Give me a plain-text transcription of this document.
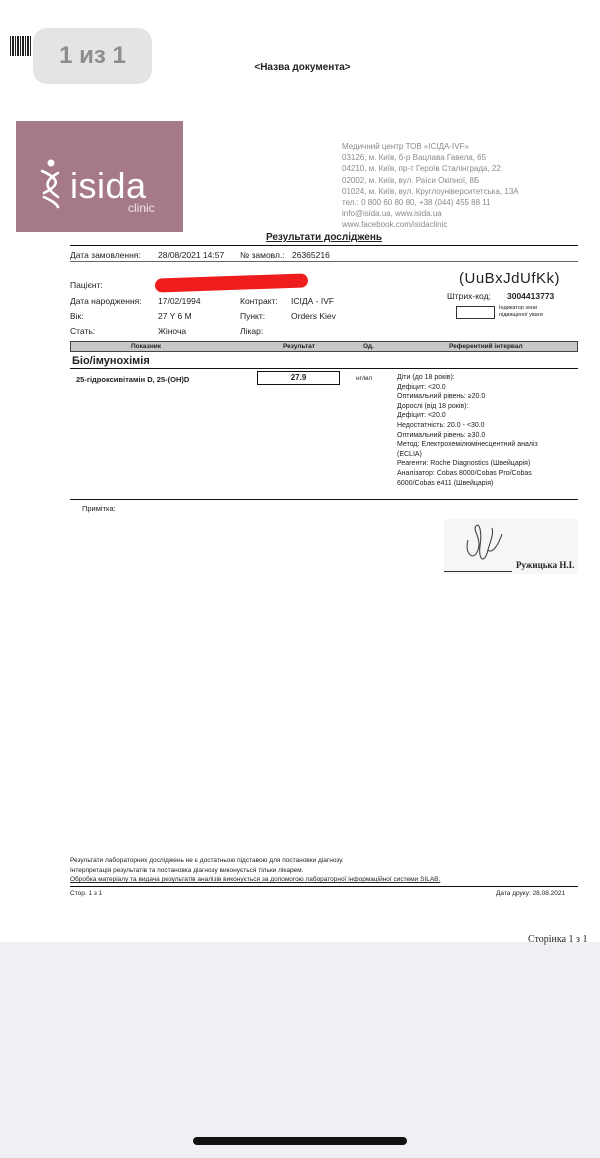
1 из 1	<Назва документа>
isida
clinic
Медичний центр ТОВ «ІСІДА-IVF»
03126, м. Київ, б-р Вацлава Гавела, 65
04210, м. Київ, пр-т Героїв Сталінграда, 22
02002, м. Київ, вул. Раїси Окіпної, 8Б
01024, м. Київ, вул. Круглоуніверситетська, 13А
тел.: 0 800 60 80 80, +38 (044) 455 88 11
info@isida.ua, www.isida.ua
www.facebook.com/isidaclinic
Результати досліджень
Дата замовлення: 28/08/2021 14:57 № замовл.: 26365216
Пацієнт:
Дата народження: 17/02/1994	Контракт: ІСІДА - IVF
Вік:	27 Y 6 M	Пункт:	Orders Kiev
Стать:	Жіноча	Лікар:
(UuBxJdUfKk)
Штрих-код: 3004413773
Індикатор зони
підвищеної уваги
Показник	Результат	Од.	Референтний інтервал
Біо/імунохімія
25-гідроксивітамін D, 25-(OH)D	27.9	нг/мл	Діти (до 18 років):
Дефіцит: <20.0
Оптимальний рівень: ≥20.0
Дорослі (від 18 років):
Дефіцит: <20.0
Недостатність: 20.0 - <30.0
Оптимальний рівень: ≥30.0
Метод: Електрохемілюмінесцентний аналіз
(ECLIA)
Реагенти: Roche Diagnostics (Швейцарія)
Аналізатор: Cobas 8000/Cobas Pro/Cobas
6000/Cobas e411 (Швейцарія)
Примітка:
Ружицька Н.І.
Результати лабораторних досліджень не є достатньою підставою для постановки діагнозу.
Інтерпретація результатів та постановка діагнозу виконується тільки лікарем.
Обробка матеріалу та видача результатів аналізів виконується за допомогою лабораторної інформаційної системи SILAB.
Стор. 1 з 1	Дата друку: 28.08.2021
Сторінка 1 з 1
